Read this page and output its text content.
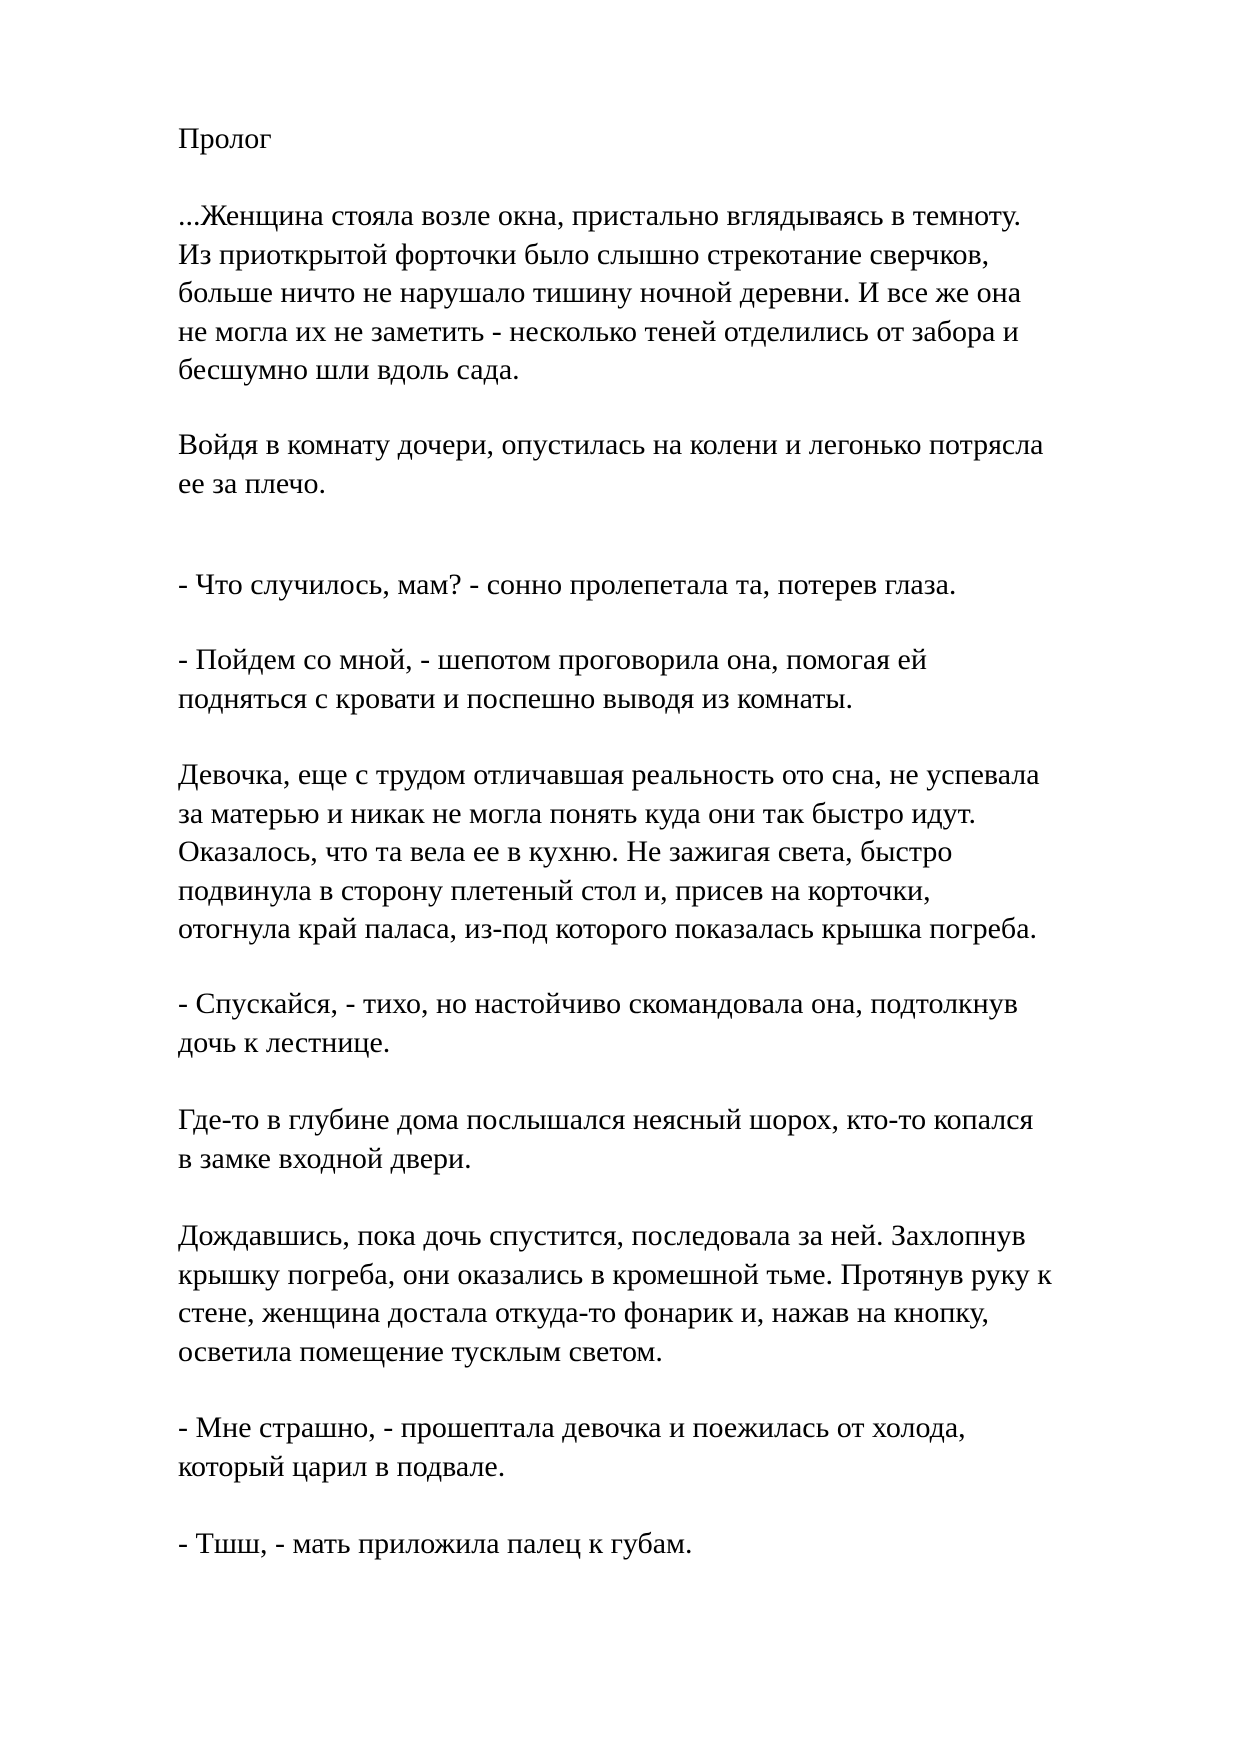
Пролог
...Женщина стояла возле окна, пристально вглядываясь в темноту.
Из приоткрытой форточки было слышно стрекотание сверчков,
больше ничто не нарушало тишину ночной деревни. И все же она
не могла их не заметить - несколько теней отделились от забора и
бесшумно шли вдоль сада.
Войдя в комнату дочери, опустилась на колени и легонько потрясла
ее за плечо.
- Что случилось, мам? - сонно пролепетала та, потерев глаза.
- Пойдем со мной, - шепотом проговорила она, помогая ей
подняться с кровати и поспешно выводя из комнаты.
Девочка, еще с трудом отличавшая реальность ото сна, не успевала
за матерью и никак не могла понять куда они так быстро идут.
Оказалось, что та вела ее в кухню. Не зажигая света, быстро
подвинула в сторону плетеный стол и, присев на корточки,
отогнула край паласа, из-под которого показалась крышка погреба.
- Спускайся, - тихо, но настойчиво скомандовала она, подтолкнув
дочь к лестнице.
Где-то в глубине дома послышался неясный шорох, кто-то копался
в замке входной двери.
Дождавшись, пока дочь спустится, последовала за ней. Захлопнув
крышку погреба, они оказались в кромешной тьме. Протянув руку к
стене, женщина достала откуда-то фонарик и, нажав на кнопку,
осветила помещение тусклым светом.
- Мне страшно, - прошептала девочка и поежилась от холода,
который царил в подвале.
- Тшш, - мать приложила палец к губам.
